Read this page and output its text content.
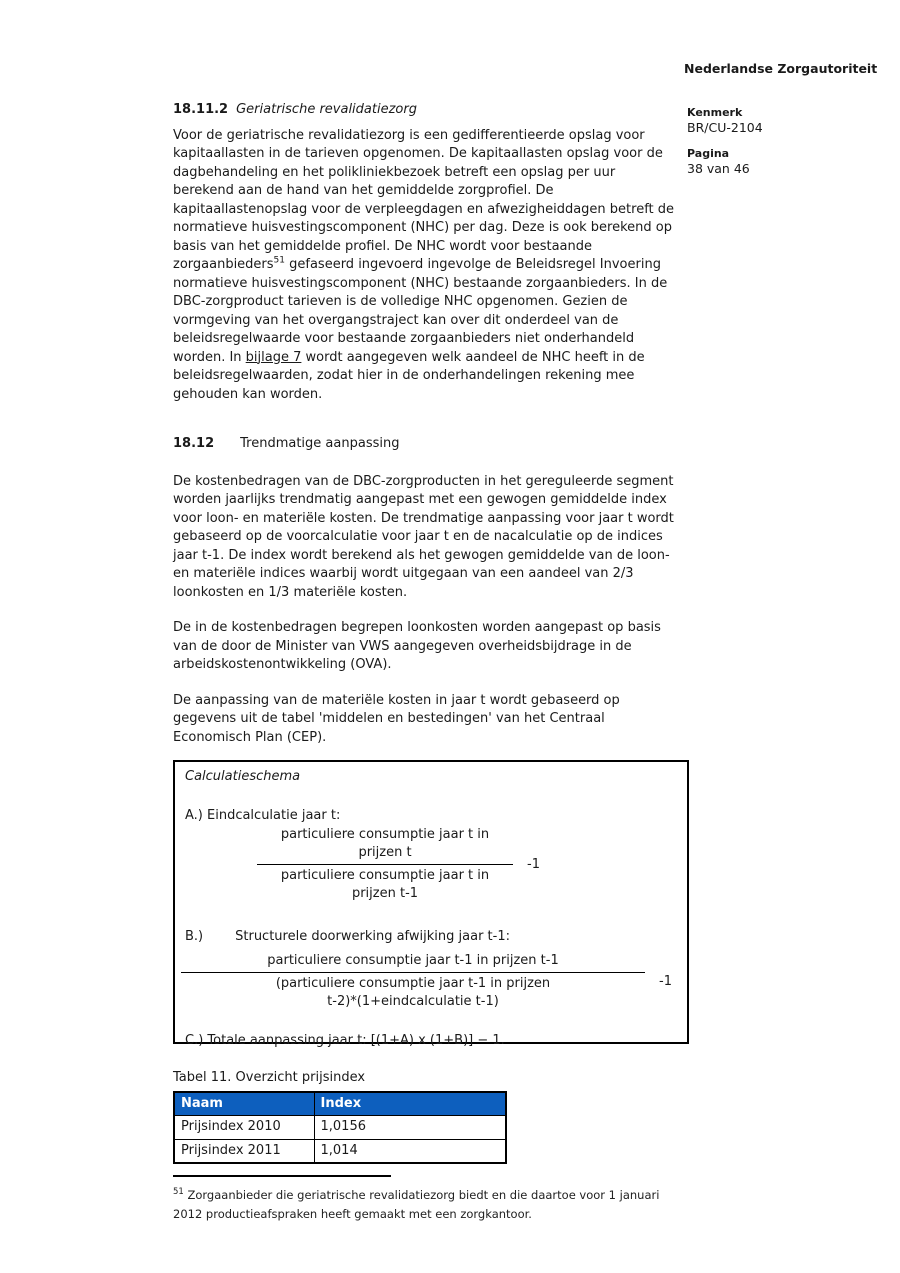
Nederlandse Zorgautoriteit
Kenmerk
BR/CU-2104
Pagina
38 van 46
18.11.2 Geriatrische revalidatiezorg

Voor de geriatrische revalidatiezorg is een gedifferentieerde opslag voor kapitaallasten in de tarieven opgenomen. De kapitaallasten opslag voor de dagbehandeling en het polikliniekbezoek betreft een opslag per uur berekend aan de hand van het gemiddelde zorgprofiel. De kapitaallastenopslag voor de verpleegdagen en afwezigheiddagen betreft de normatieve huisvestingscomponent (NHC) per dag. Deze is ook berekend op basis van het gemiddelde profiel. De NHC wordt voor bestaande zorgaanbieders$^{51}$ gefaseerd ingevoerd ingevolge de Beleidsregel Invoering normatieve huisvestingscomponent (NHC) bestaande zorgaanbieders. In de DBC-zorgproduct tarieven is de volledige NHC opgenomen. Gezien de vormgeving van het overgangstraject kan over dit onderdeel van de beleidsregelwaarde voor bestaande zorgaanbieders niet onderhandeld worden. In bijlage 7 wordt aangegeven welk aandeel de NHC heeft in de beleidsregelwaarden, zodat hier in de onderhandelingen rekening mee gehouden kan worden.

18.12 Trendmatige aanpassing

De kostenbedragen van de DBC-zorgproducten in het gereguleerde segment worden jaarlijks trendmatig aangepast met een gewogen gemiddelde index voor loon- en materiële kosten. De trendmatige aanpassing voor jaar t wordt gebaseerd op de voorcalculatie voor jaar t en de nacalculatie op de indices jaar t-1. De index wordt berekend als het gewogen gemiddelde van de loon- en materiële indices waarbij wordt uitgegaan van een aandeel van 2/3 loonkosten en 1/3 materiële kosten.

De in de kostenbedragen begrepen loonkosten worden aangepast op basis van de door de Minister van VWS aangegeven overheidsbijdrage in de arbeidskostenontwikkeling (OVA).

De aanpassing van de materiële kosten in jaar t wordt gebaseerd op gegevens uit de tabel 'middelen en bestedingen' van het Centraal Economisch Plan (CEP).

Calculatieschema
A.) Eindcalculatie jaar t:
particuliere consumptie jaar t in
prijzen t
particuliere consumptie jaar t in
prijzen t-1
-1
B.) Structurele doorwerking afwijking jaar t-1:
particuliere consumptie jaar t-1 in prijzen t-1
(particuliere consumptie jaar t-1 in prijzen
t-2)*(1+eindcalculatie t-1)
-1
C.) Totale aanpassing jaar t: [(1+A) x (1+B)] − 1.
Tabel 11. Overzicht prijsindex
Naam	Index
Prijsindex 2010	1,0156
Prijsindex 2011	1,014

$^{51}$ Zorgaanbieder die geriatrische revalidatiezorg biedt en die daartoe voor 1 januari 2012 productieafspraken heeft gemaakt met een zorgkantoor.
